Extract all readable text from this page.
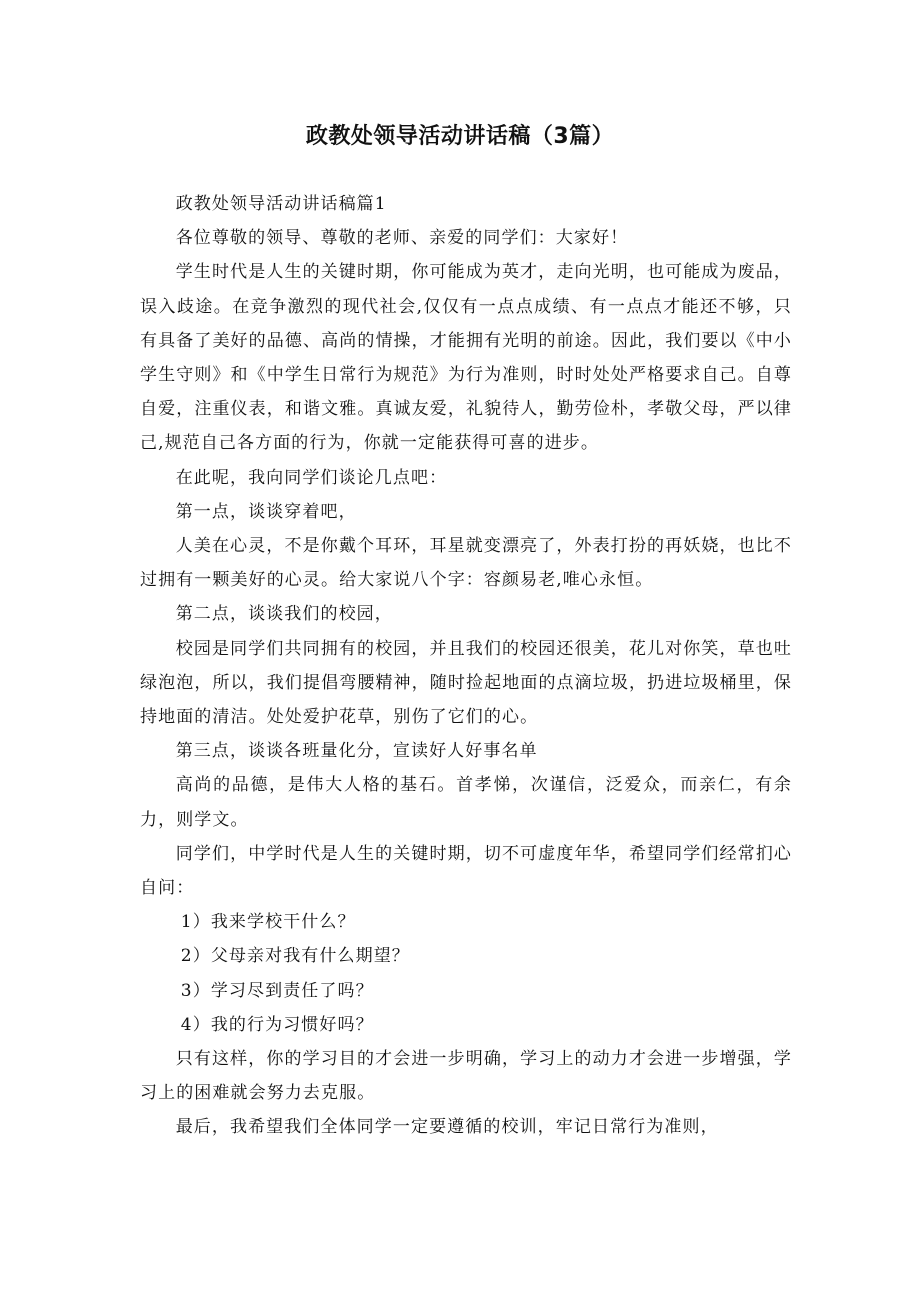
政教处领导活动讲话稿（3篇）

政教处领导活动讲话稿篇1

各位尊敬的领导、尊敬的老师、亲爱的同学们：大家好！

学生时代是人生的关键时期，你可能成为英才，走向光明，也可能成为废品，误入歧途。在竞争激烈的现代社会,仅仅有一点点成绩、有一点点才能还不够，只有具备了美好的品德、高尚的情操，才能拥有光明的前途。因此，我们要以《中小学生守则》和《中学生日常行为规范》为行为准则，时时处处严格要求自己。自尊自爱，注重仪表，和谐文雅。真诚友爱，礼貌待人，勤劳俭朴，孝敬父母，严以律己,规范自己各方面的行为，你就一定能获得可喜的进步。

在此呢，我向同学们谈论几点吧：

第一点，谈谈穿着吧，

人美在心灵，不是你戴个耳环，耳星就变漂亮了，外表打扮的再妖娆，也比不过拥有一颗美好的心灵。给大家说八个字：容颜易老,唯心永恒。

第二点，谈谈我们的校园，

校园是同学们共同拥有的校园，并且我们的校园还很美，花儿对你笑，草也吐绿泡泡，所以，我们提倡弯腰精神，随时捡起地面的点滴垃圾，扔进垃圾桶里，保持地面的清洁。处处爱护花草，别伤了它们的心。

第三点，谈谈各班量化分，宣读好人好事名单

高尚的品德，是伟大人格的基石。首孝悌，次谨信，泛爱众，而亲仁，有余力，则学文。

同学们，中学时代是人生的关键时期，切不可虚度年华，希望同学们经常扪心自问：

1）我来学校干什么？

2）父母亲对我有什么期望？

3）学习尽到责任了吗？

4）我的行为习惯好吗？

只有这样，你的学习目的才会进一步明确，学习上的动力才会进一步增强，学习上的困难就会努力去克服。

最后，我希望我们全体同学一定要遵循的校训，牢记日常行为准则，
